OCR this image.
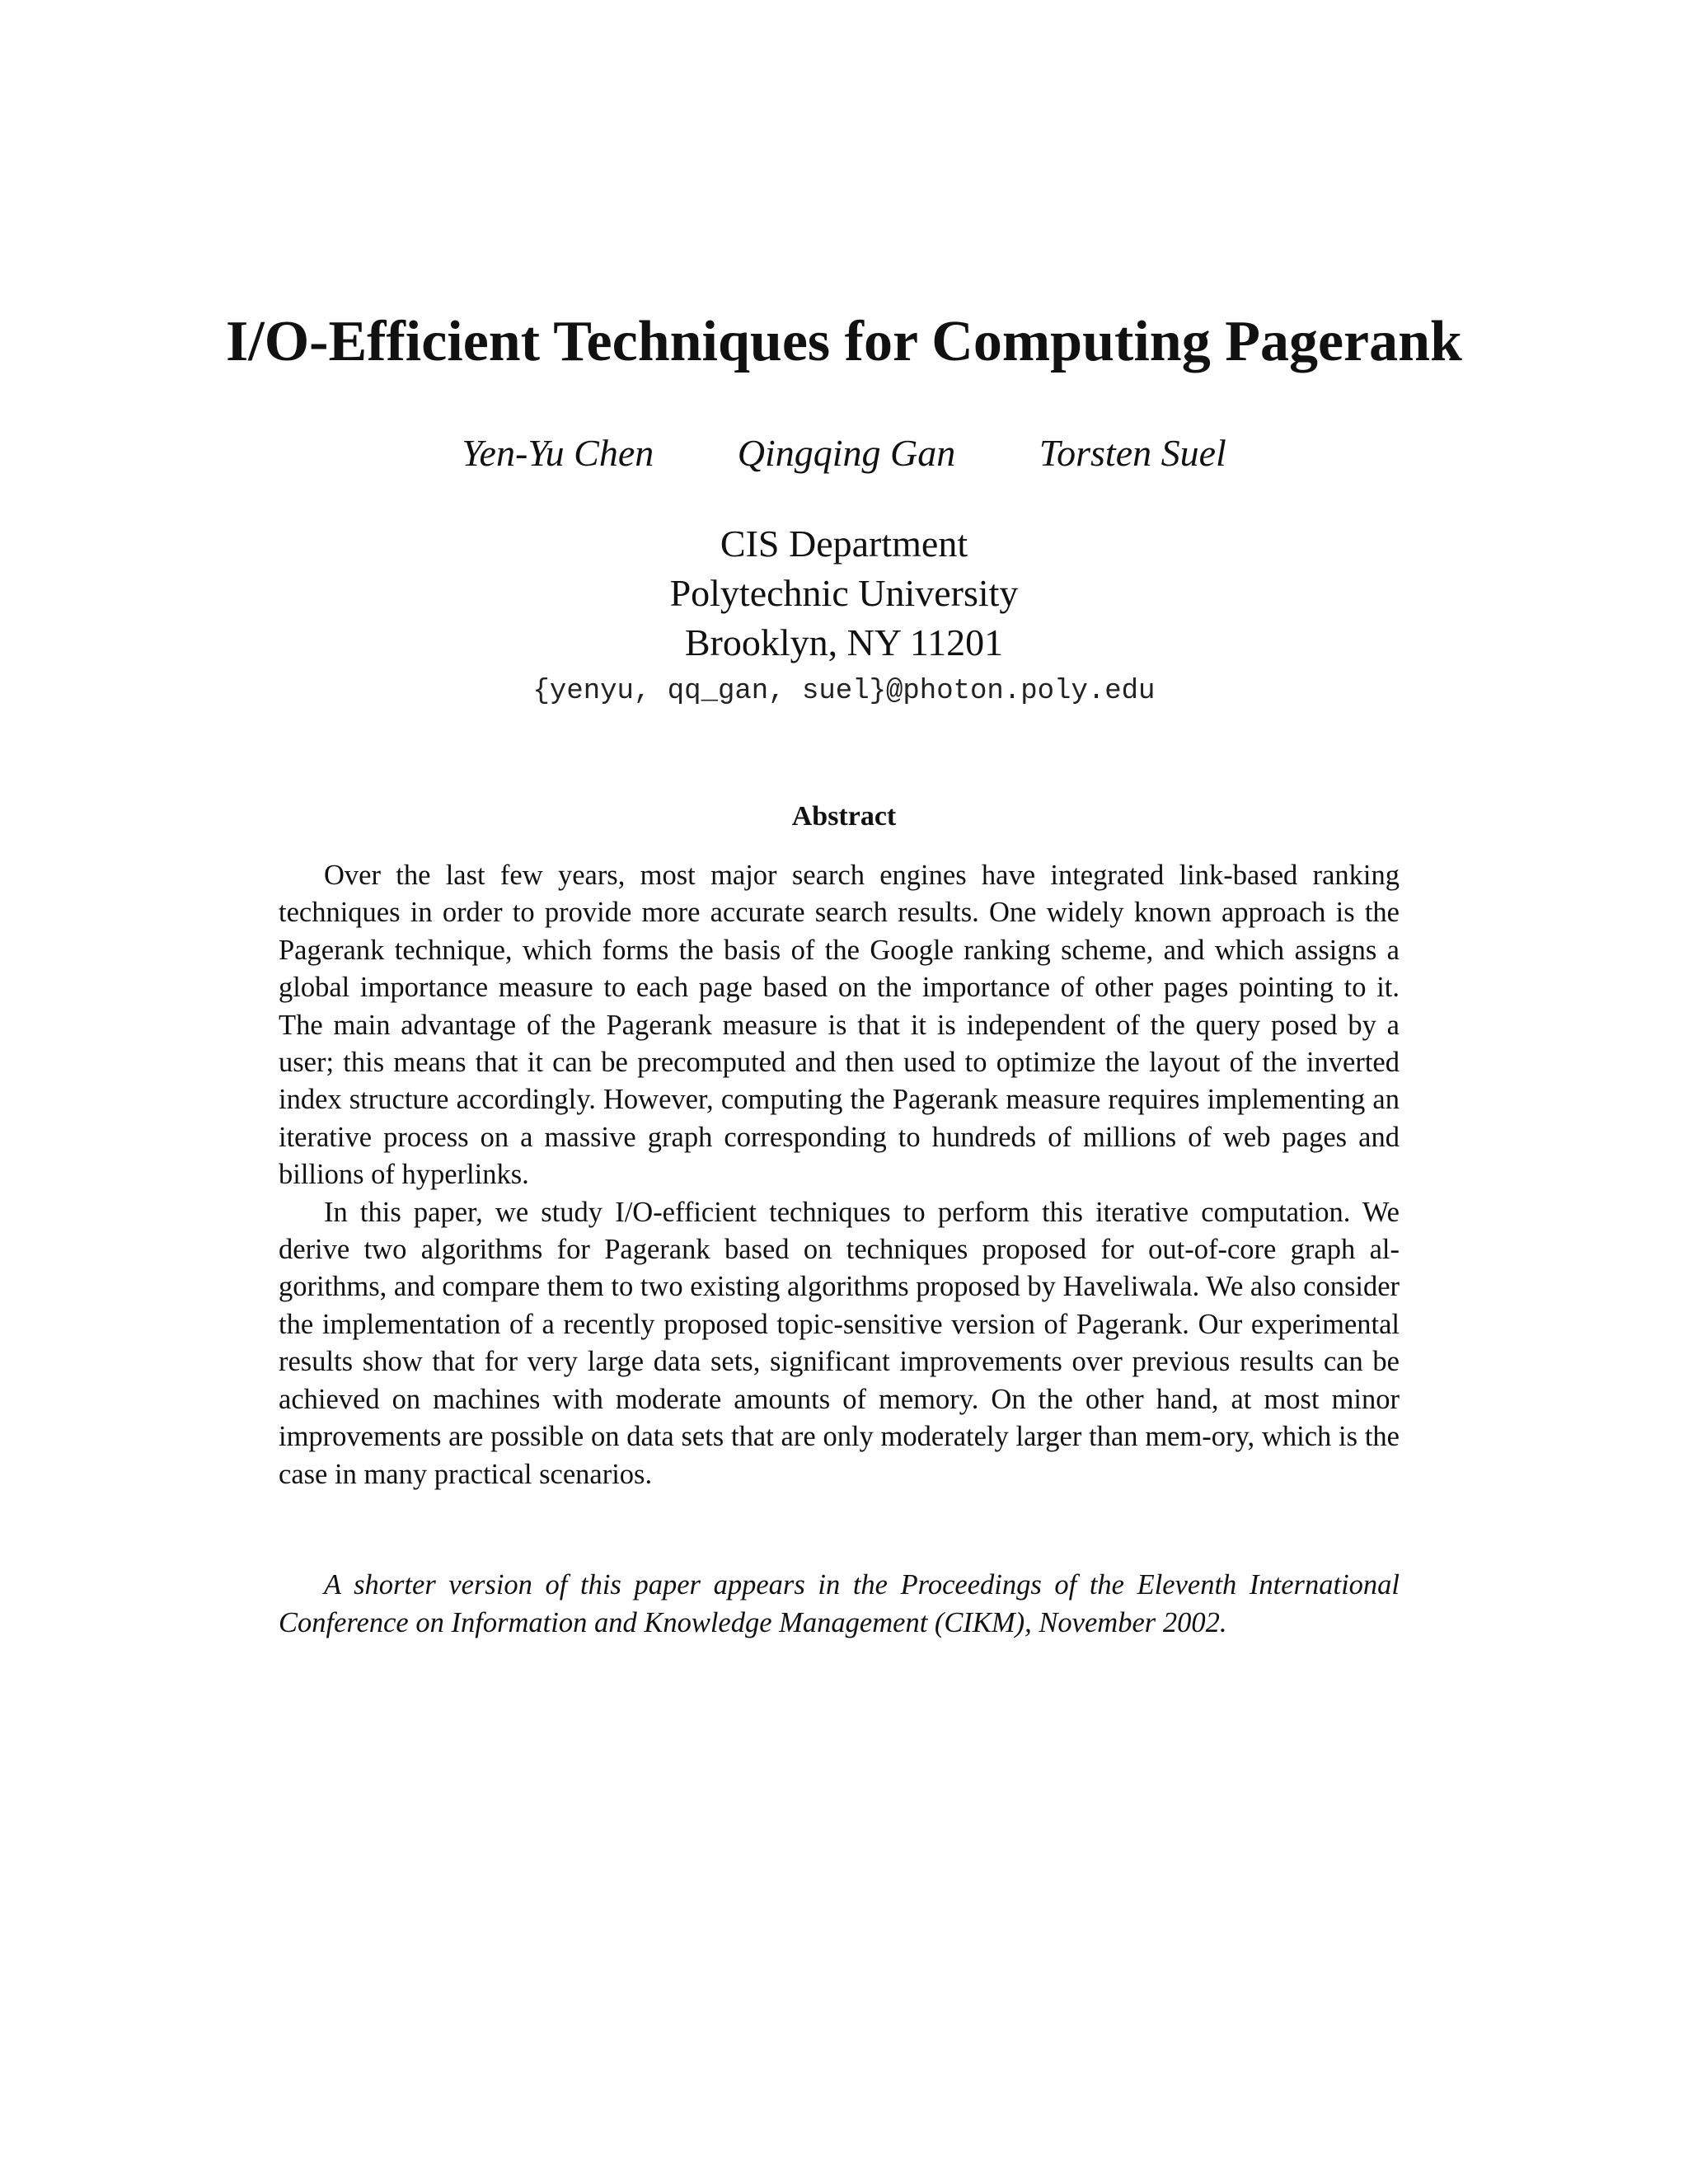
I/O-Efficient Techniques for Computing Pagerank
Yen-Yu Chen Qingqing Gan Torsten Suel
CIS Department
Polytechnic University
Brooklyn, NY 11201
{yenyu, qq_gan, suel}@photon.poly.edu
Abstract

Over the last few years, most major search engines have integrated link-based ranking techniques in order to provide more accurate search results. One widely known approach is the Pagerank technique, which forms the basis of the Google ranking scheme, and which assigns a global importance measure to each page based on the importance of other pages pointing to it. The main advantage of the Pagerank measure is that it is independent of the query posed by a user; this means that it can be precomputed and then used to optimize the layout of the inverted index structure accordingly. However, computing the Pagerank measure requires implementing an iterative process on a massive graph corresponding to hundreds of millions of web pages and billions of hyperlinks.

In this paper, we study I/O-efficient techniques to perform this iterative computation. We derive two algorithms for Pagerank based on techniques proposed for out-of-core graph al-gorithms, and compare them to two existing algorithms proposed by Haveliwala. We also consider the implementation of a recently proposed topic-sensitive version of Pagerank. Our experimental results show that for very large data sets, significant improvements over previous results can be achieved on machines with moderate amounts of memory. On the other hand, at most minor improvements are possible on data sets that are only moderately larger than mem-ory, which is the case in many practical scenarios.

A shorter version of this paper appears in the Proceedings of the Eleventh International Conference on Information and Knowledge Management (CIKM), November 2002.
